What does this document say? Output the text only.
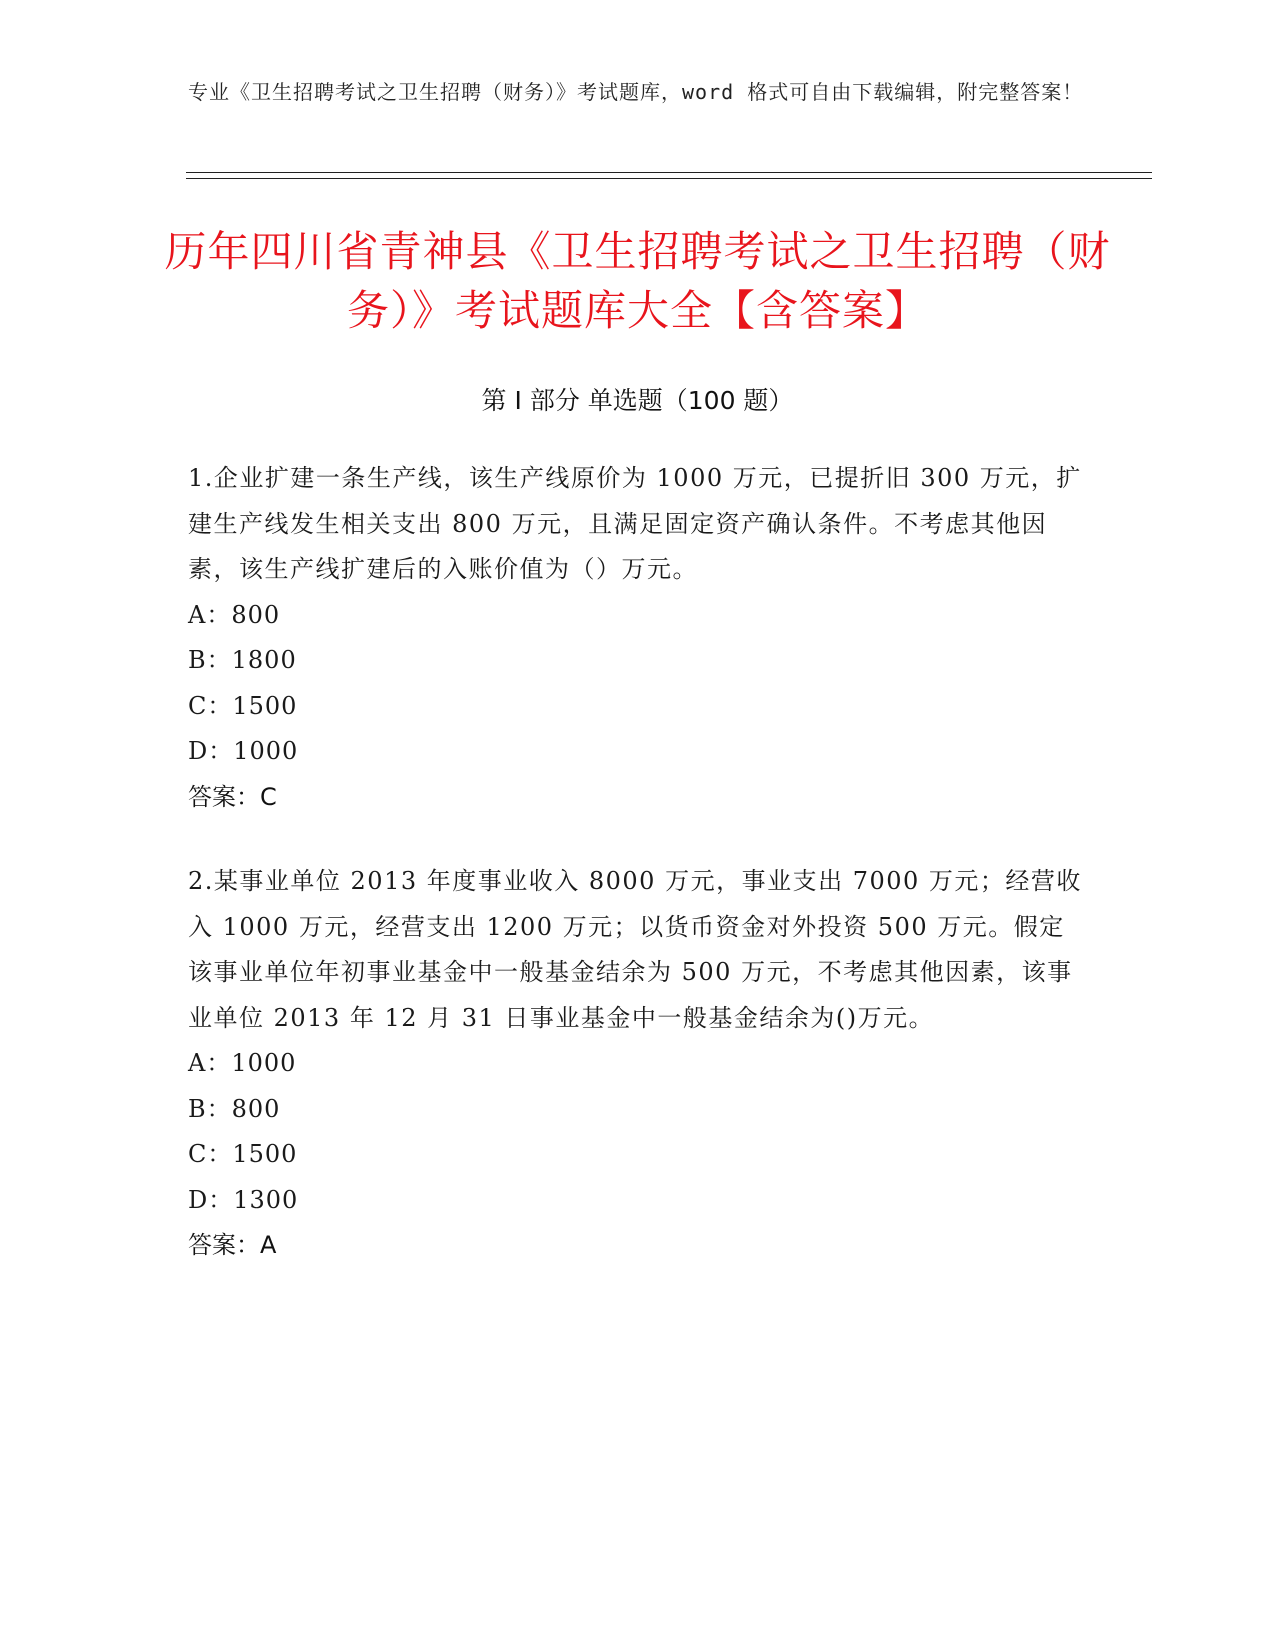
专业《卫生招聘考试之卫生招聘（财务）》考试题库，word 格式可自由下载编辑，附完整答案！
历年四川省青神县《卫生招聘考试之卫生招聘（财务）》考试题库大全【含答案】
第 I 部分 单选题（100 题）

1.企业扩建一条生产线，该生产线原价为 1000 万元，已提折旧 300 万元，扩建生产线发生相关支出 800 万元，且满足固定资产确认条件。不考虑其他因素，该生产线扩建后的入账价值为（）万元。

A：800

B：1800

C：1500

D：1000

答案：C

2.某事业单位 2013 年度事业收入 8000 万元，事业支出 7000 万元；经营收入 1000 万元，经营支出 1200 万元；以货币资金对外投资 500 万元。假定该事业单位年初事业基金中一般基金结余为 500 万元，不考虑其他因素，该事业单位 2013 年 12 月 31 日事业基金中一般基金结余为()万元。

A：1000

B：800

C：1500

D：1300

答案：A
